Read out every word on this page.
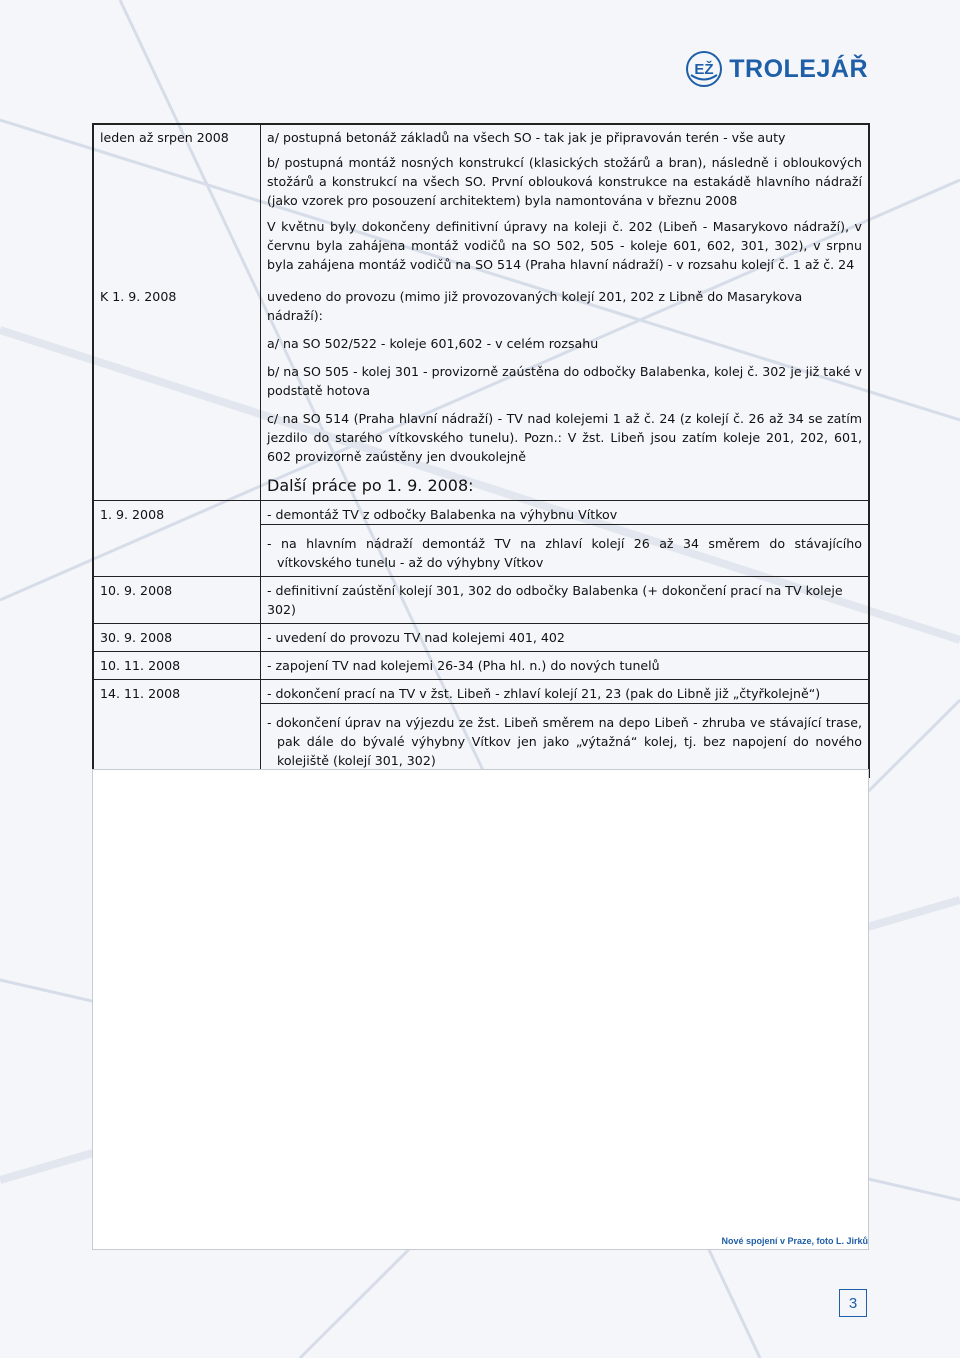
EŽ TROLEJÁŘ
leden až srpen 2008	a/ postupná betonáž základů na všech SO - tak jak je připravován terén - vše auty

b/ postupná montáž nosných konstrukcí (klasických stožárů a bran), následně i obloukových stožárů a konstrukcí na všech SO. První oblouková konstrukce na estakádě hlavního nádraží (jako vzorek pro posouzení architektem) byla namontována v březnu 2008

V květnu byly dokončeny definitivní úpravy na koleji č. 202 (Libeň - Masarykovo nádraží), v červnu byla zahájena montáž vodičů na SO 502, 505 - koleje 601, 602, 301, 302), v srpnu byla zahájena montáž vodičů na SO 514 (Praha hlavní nádraží) - v rozsahu kolejí č. 1 až č. 24

K 1. 9. 2008	uvedeno do provozu (mimo již provozovaných kolejí 201, 202 z Libně do Masarykova nádraží):

a/ na SO 502/522 - koleje 601,602 - v celém rozsahu

b/ na SO 505 - kolej 301 - provizorně zaústěna do odbočky Balabenka, kolej č. 302 je již také v podstatě hotova

c/ na SO 514 (Praha hlavní nádraží) - TV nad kolejemi 1 až č. 24 (z kolejí č. 26 až 34 se zatím jezdilo do starého vítkovského tunelu). Pozn.: V žst. Libeň jsou zatím koleje 201, 202, 601, 602 provizorně zaústěny jen dvoukolejně

Další práce po 1. 9. 2008:

1. 9. 2008	- demontáž TV z odbočky Balabenka na výhybnu Vítkov

- na hlavním nádraží demontáž TV na zhlaví kolejí 26 až 34 směrem do stávajícího vítkovského tunelu - až do výhybny Vítkov

10. 9. 2008	- definitivní zaústění kolejí 301, 302 do odbočky Balabenka (+ dokončení prací na TV koleje 302)

30. 9. 2008	- uvedení do provozu TV nad kolejemi 401, 402

10. 11. 2008	- zapojení TV nad kolejemi 26-34 (Pha hl. n.) do nových tunelů

14. 11. 2008	- dokončení prací na TV v žst. Libeň - zhlaví kolejí 21, 23 (pak do Libně již „čtyřkolejně“)

- dokončení úprav na výjezdu ze žst. Libeň směrem na depo Libeň - zhruba ve stávající trase, pak dále do bývalé výhybny Vítkov jen jako „výtažná“ kolej, tj. bez napojení do nového kolejiště (kolejí 301, 302)

Nové spojení v Praze, foto L. Jirků
3
